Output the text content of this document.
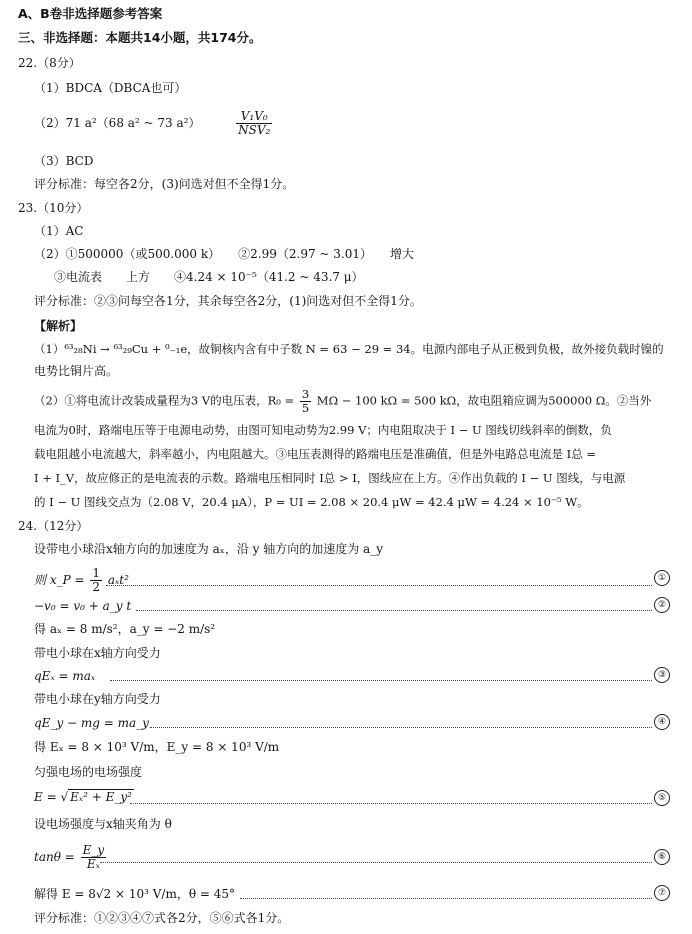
A、B卷非选择题参考答案
三、非选择题：本题共14小题，共174分。
22.（8分）
（1）BDCA（DBCA也可）
（2）71 a²（68 a² ~ 73 a²）	$\frac{\text{V₁V₀}}{\text{NSV₂}}$
（3）BCD
评分标准：每空各2分，(3)问选对但不全得1分。
23.（10分）
（1）AC
（2）①500000（或500.000 k）　　②2.99（2.97 ~ 3.01）　　增大
③电流表　　上方　　④4.24 × 10⁻⁵（41.2 ~ 43.7 μ）
评分标准：②③问每空各1分，其余每空各2分，(1)问选对但不全得1分。
【解析】
（1）⁶³₂₈Ni → ⁶³₂₉Cu + ⁰₋₁e，故铜核内含有中子数 N = 63 − 29 = 34。电源内部电子从正极到负极，故外接负载时镍的
电势比铜片高。
（2）①将电流计改装成量程为3 V的电压表，$R_0 = \frac{3}{5}$ MΩ − 100 kΩ = 500 kΩ，故电阻箱应调为500000 Ω。②当外
电流为0时，路端电压等于电源电动势，由图可知电动势为2.99 V；内电阻取决于 I − U 图线切线斜率的倒数，负
载电阻越小电流越大，斜率越小，内电阻越大。③电压表测得的路端电压是准确值，但是外电路总电流是 I总 =
I + I_V，故应修正的是电流表的示数。路端电压相同时 I总 > I，图线应在上方。④作出负载的 I − U 图线，与电源
的 I − U 图线交点为（2.08 V，20.4 μA），P = UI = 2.08 × 20.4 μW = 42.4 μW = 4.24 × 10⁻⁵ W。
24.（12分）
设带电小球沿x轴方向的加速度为 aₓ，沿 y 轴方向的加速度为 a_y
则 x_P = $\frac{1}{2} a_xt^2$	①
−v₀ = v₀ + a_y t	②
得 aₓ = 8 m/s²，a_y = −2 m/s²
带电小球在x轴方向受力
qEₓ = maₓ	③
带电小球在y轴方向受力
qE_y − mg = ma_y	④
得 Eₓ = 8 × 10³ V/m，E_y = 8 × 10³ V/m
匀强电场的电场强度
E = √ Eₓ² + E_y²	⑤
设电场强度与x轴夹角为 θ
$\tan\theta = \frac{E\_y}{\text{Eₓ}}$	⑥
解得 E = 8√2 × 10³ V/m，θ = 45°	⑦
评分标准：①②③④⑦式各2分，⑤⑥式各1分。
